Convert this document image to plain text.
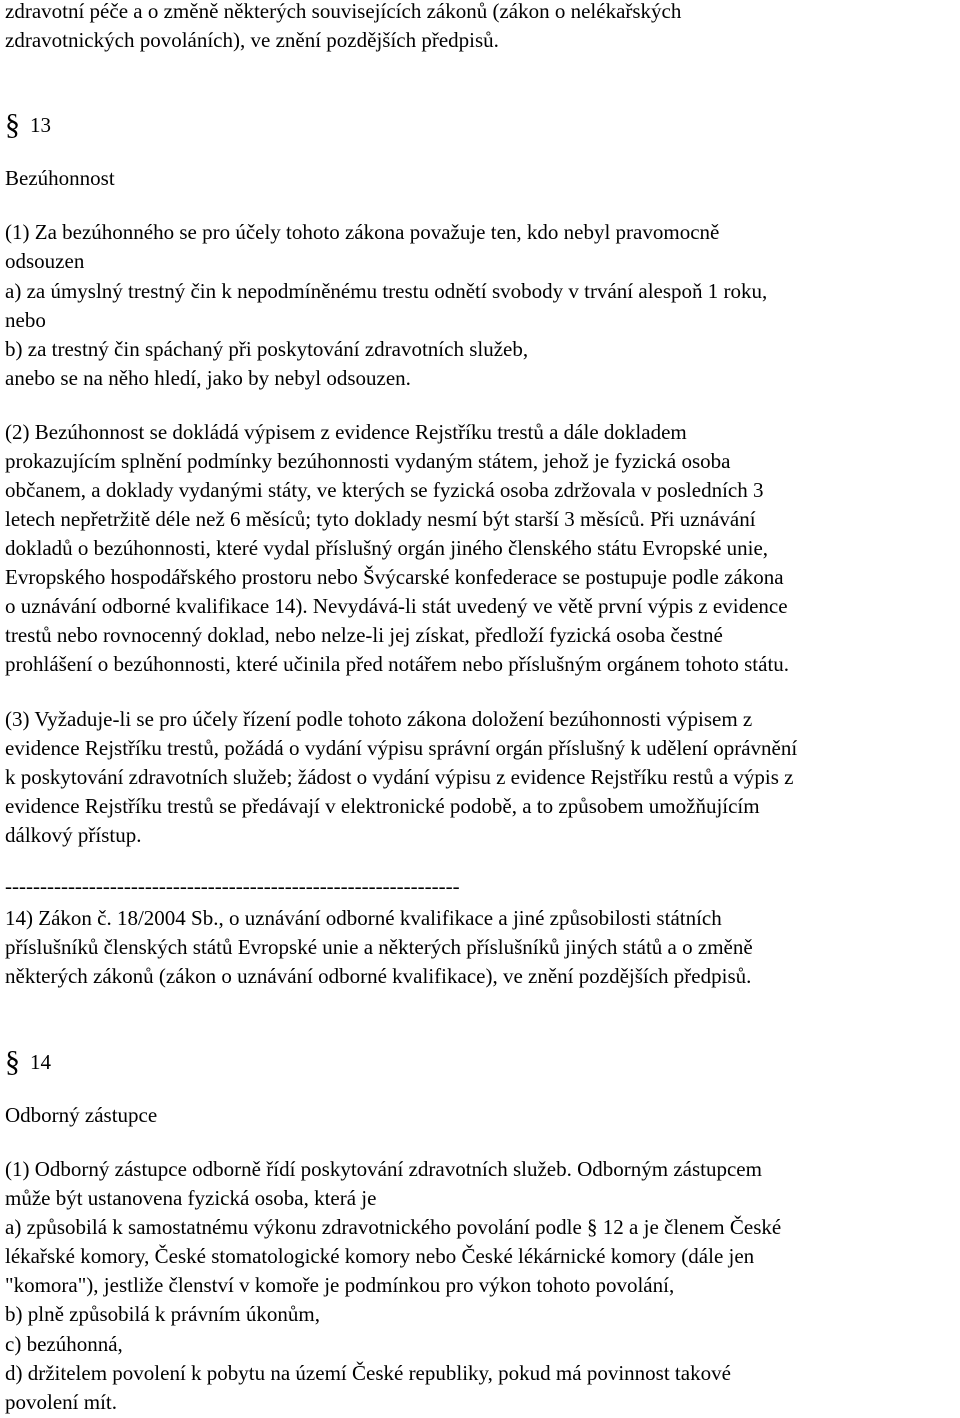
zdravotní péče a o změně některých souvisejících zákonů (zákon o nelékařských
zdravotnických povoláních), ve znění pozdějších předpisů.
§ 13
Bezúhonnost
(1) Za bezúhonného se pro účely tohoto zákona považuje ten, kdo nebyl pravomocně
odsouzen
a) za úmyslný trestný čin k nepodmíněnému trestu odnětí svobody v trvání alespoň 1 roku,
nebo
b) za trestný čin spáchaný při poskytování zdravotních služeb,
anebo se na něho hledí, jako by nebyl odsouzen.
(2) Bezúhonnost se dokládá výpisem z evidence Rejstříku trestů a dále dokladem
prokazujícím splnění podmínky bezúhonnosti vydaným státem, jehož je fyzická osoba
občanem, a doklady vydanými státy, ve kterých se fyzická osoba zdržovala v posledních 3
letech nepřetržitě déle než 6 měsíců; tyto doklady nesmí být starší 3 měsíců. Při uznávání
dokladů o bezúhonnosti, které vydal příslušný orgán jiného členského státu Evropské unie,
Evropského hospodářského prostoru nebo Švýcarské konfederace se postupuje podle zákona
o uznávání odborné kvalifikace 14). Nevydává-li stát uvedený ve větě první výpis z evidence
trestů nebo rovnocenný doklad, nebo nelze-li jej získat, předloží fyzická osoba čestné
prohlášení o bezúhonnosti, které učinila před notářem nebo příslušným orgánem tohoto státu.
(3) Vyžaduje-li se pro účely řízení podle tohoto zákona doložení bezúhonnosti výpisem z
evidence Rejstříku trestů, požádá o vydání výpisu správní orgán příslušný k udělení oprávnění
k poskytování zdravotních služeb; žádost o vydání výpisu z evidence Rejstříku restů a výpis z
evidence Rejstříku trestů se předávají v elektronické podobě, a to způsobem umožňujícím
dálkový přístup.
-----------------------------------------------------------------
14) Zákon č. 18/2004 Sb., o uznávání odborné kvalifikace a jiné způsobilosti státních
příslušníků členských států Evropské unie a některých příslušníků jiných států a o změně
některých zákonů (zákon o uznávání odborné kvalifikace), ve znění pozdějších předpisů.
§ 14
Odborný zástupce
(1) Odborný zástupce odborně řídí poskytování zdravotních služeb. Odborným zástupcem
může být ustanovena fyzická osoba, která je
a) způsobilá k samostatnému výkonu zdravotnického povolání podle § 12 a je členem České
lékařské komory, České stomatologické komory nebo České lékárnické komory (dále jen
"komora"), jestliže členství v komoře je podmínkou pro výkon tohoto povolání,
b) plně způsobilá k právním úkonům,
c) bezúhonná,
d) držitelem povolení k pobytu na území České republiky, pokud má povinnost takové
povolení mít.
